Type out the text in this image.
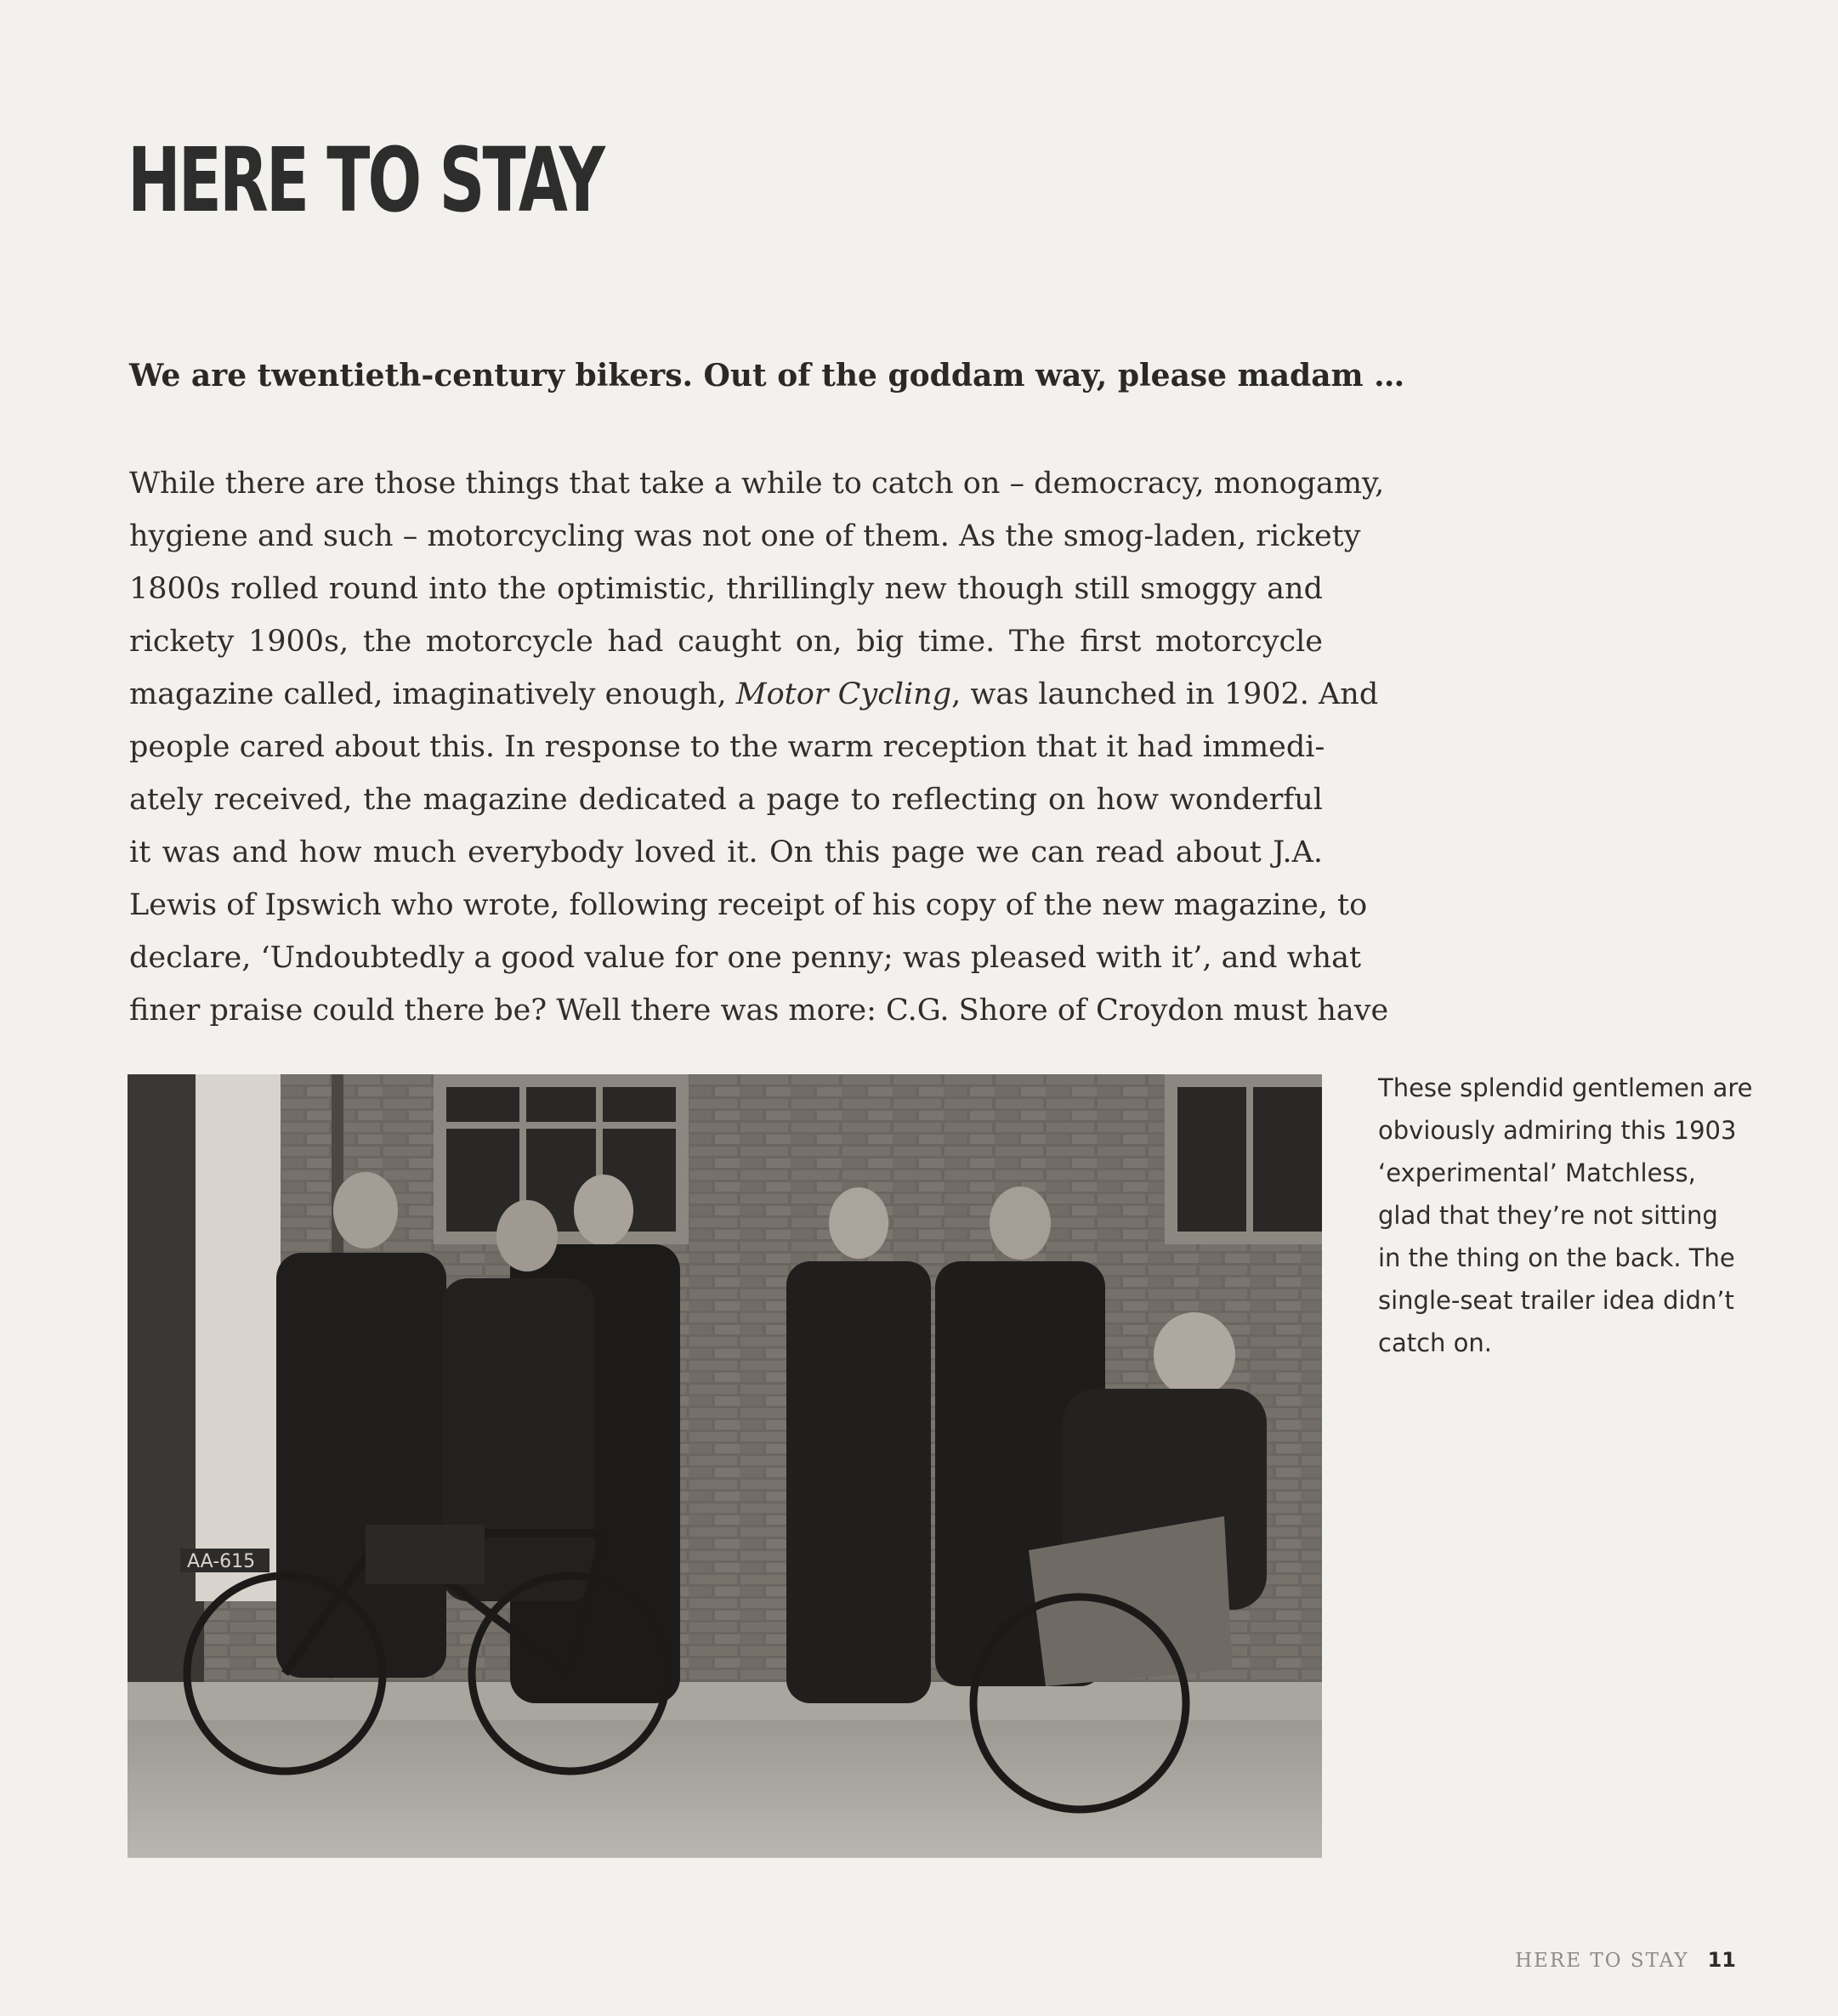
HERE TO STAY

We are twentieth-century bikers. Out of the goddam way, please madam …

While there are those things that take a while to catch on – democracy, monogamy,
hygiene and such – motorcycling was not one of them. As the smog-laden, rickety
1800s rolled round into the optimistic, thrillingly new though still smoggy and
rickety 1900s, the motorcycle had caught on, big time. The first motorcycle
magazine called, imaginatively enough, Motor Cycling, was launched in 1902. And
people cared about this. In response to the warm reception that it had immedi-
ately received, the magazine dedicated a page to reflecting on how wonderful
it was and how much everybody loved it. On this page we can read about J.A.
Lewis of Ipswich who wrote, following receipt of his copy of the new magazine, to
declare, ‘Undoubtedly a good value for one penny; was pleased with it’, and what
finer praise could there be? Well there was more: C.G. Shore of Croydon must have
AA-615
These splendid gentlemen are
obviously admiring this 1903
‘experimental’ Matchless,
glad that they’re not sitting
in the thing on the back. The
single-seat trailer idea didn’t
catch on.
HERE TO STAY 11
